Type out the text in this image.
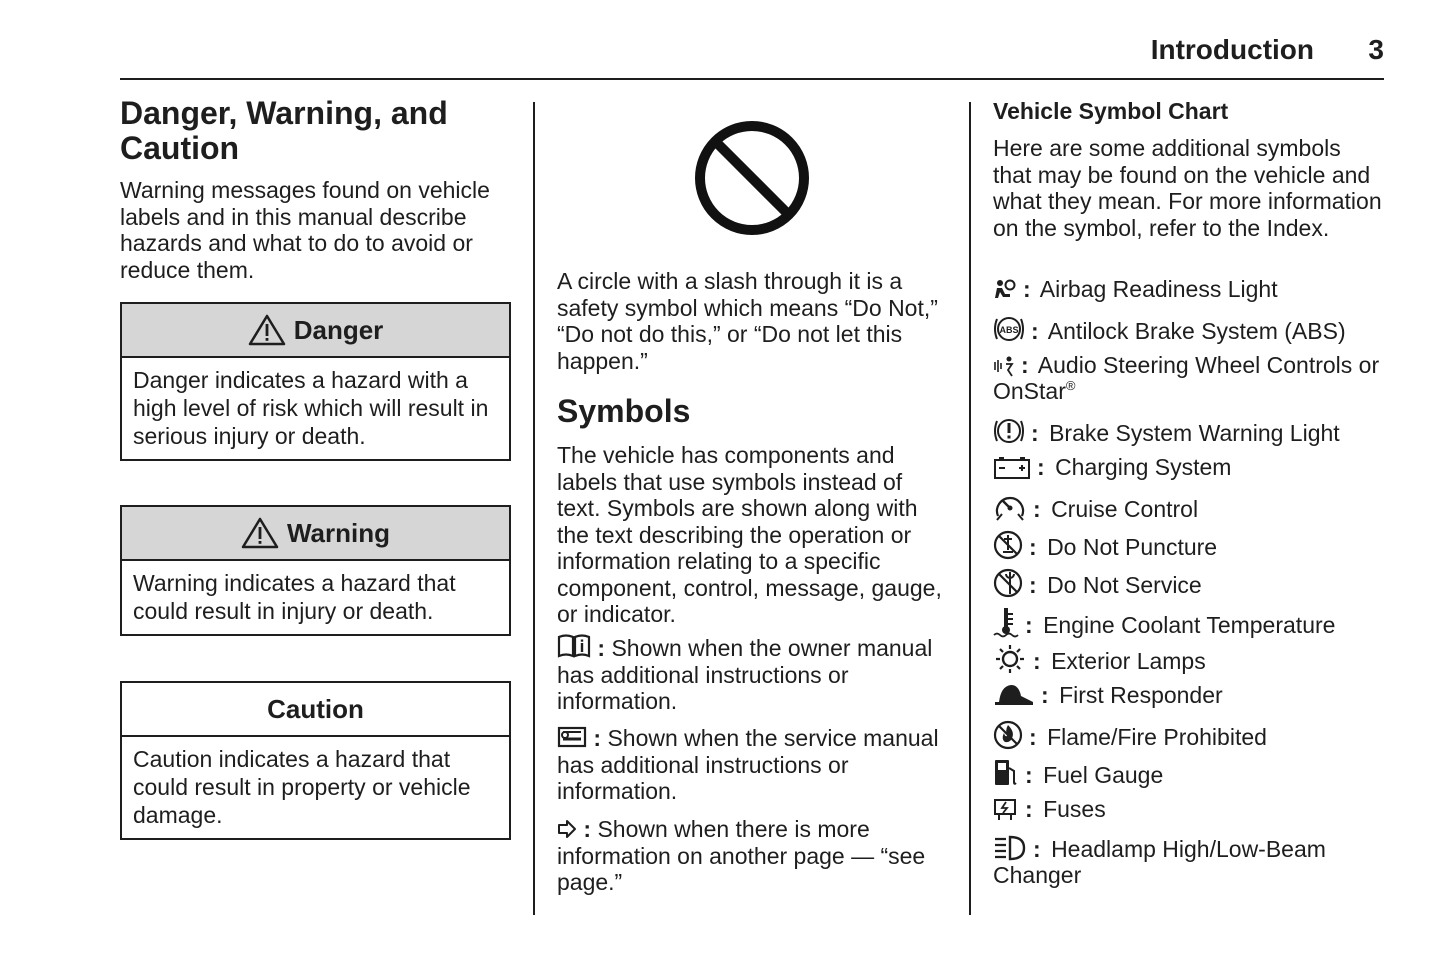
Introduction 3
Danger, Warning, and
Caution

Warning messages found on vehicle labels and in this manual describe hazards and what to do to avoid or reduce them.

Danger
Danger indicates a hazard with a high level of risk which will result in serious injury or death.
Warning
Warning indicates a hazard that could result in injury or death.
Caution
Caution indicates a hazard that could result in property or vehicle damage.

A circle with a slash through it is a safety symbol which means “Do Not,” “Do not do this,” or “Do not let this happen.”

Symbols

The vehicle has components and labels that use symbols instead of text. Symbols are shown along with the text describing the operation or information relating to a specific component, control, message, gauge, or indicator.

: Shown when the owner manual has additional instructions or information.
: Shown when the service manual has additional instructions or information.
: Shown when there is more information on another page — “see page.”
Vehicle Symbol Chart

Here are some additional symbols that may be found on the vehicle and what they mean. For more information on the symbol, refer to the Index.

: Airbag Readiness Light
ABS : Antilock Brake System (ABS)
: Audio Steering Wheel Controls or OnStar®
: Brake System Warning Light
: Charging System
: Cruise Control
: Do Not Puncture
: Do Not Service
: Engine Coolant Temperature
: Exterior Lamps
: First Responder
: Flame/Fire Prohibited
: Fuel Gauge
: Fuses
: Headlamp High/Low-Beam Changer
